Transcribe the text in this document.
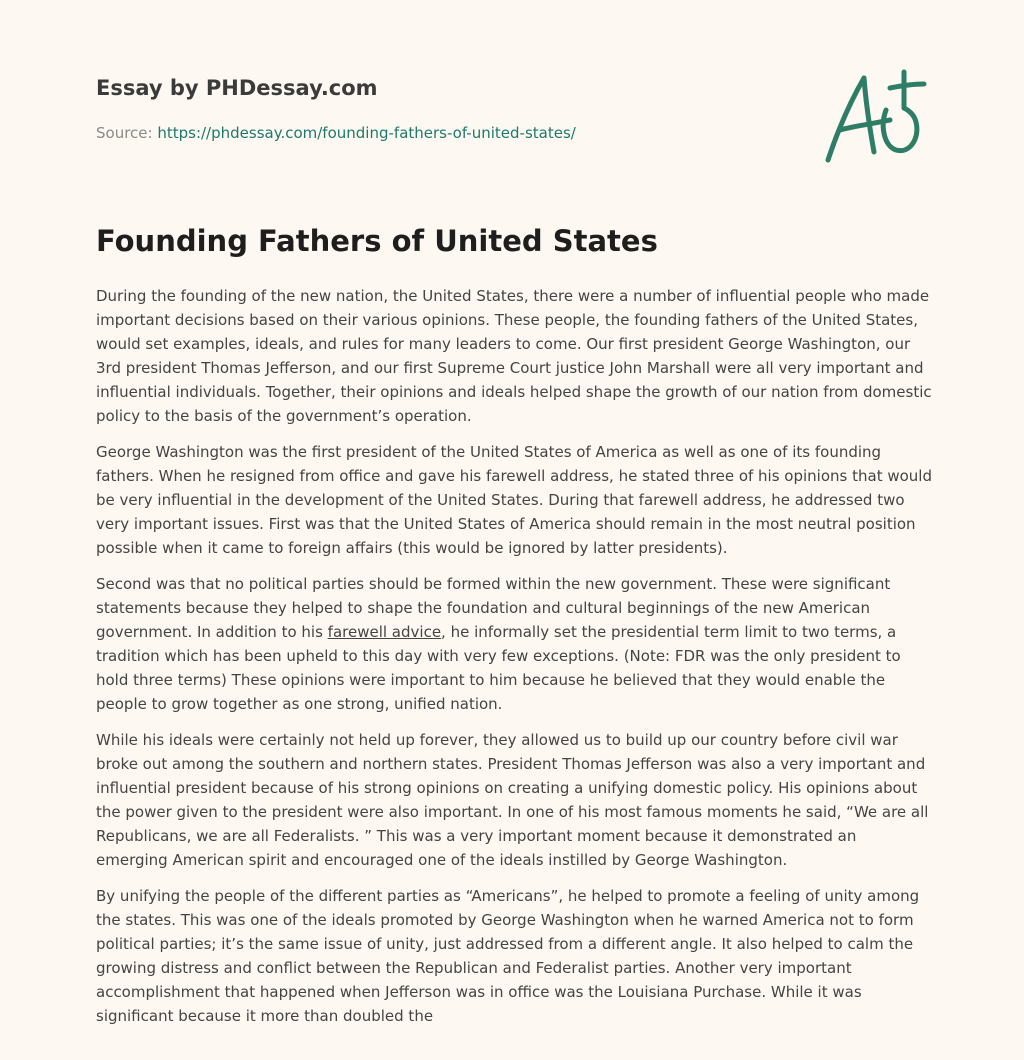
Essay by PHDessay.com
Source: https://phdessay.com/founding-fathers-of-united-states/
Founding Fathers of United States

During the founding of the new nation, the United States, there were a number of influential people who made important decisions based on their various opinions. These people, the founding fathers of the United States, would set examples, ideals, and rules for many leaders to come. Our first president George Washington, our 3rd president Thomas Jefferson, and our first Supreme Court justice John Marshall were all very important and influential individuals. Together, their opinions and ideals helped shape the growth of our nation from domestic policy to the basis of the government’s operation.

George Washington was the first president of the United States of America as well as one of its founding fathers. When he resigned from office and gave his farewell address, he stated three of his opinions that would be very influential in the development of the United States. During that farewell address, he addressed two very important issues. First was that the United States of America should remain in the most neutral position possible when it came to foreign affairs (this would be ignored by latter presidents).

Second was that no political parties should be formed within the new government. These were significant statements because they helped to shape the foundation and cultural beginnings of the new American government. In addition to his farewell advice, he informally set the presidential term limit to two terms, a tradition which has been upheld to this day with very few exceptions. (Note: FDR was the only president to hold three terms) These opinions were important to him because he believed that they would enable the people to grow together as one strong, unified nation.

While his ideals were certainly not held up forever, they allowed us to build up our country before civil war broke out among the southern and northern states. President Thomas Jefferson was also a very important and influential president because of his strong opinions on creating a unifying domestic policy. His opinions about the power given to the president were also important. In one of his most famous moments he said, “We are all Republicans, we are all Federalists. ” This was a very important moment because it demonstrated an emerging American spirit and encouraged one of the ideals instilled by George Washington.

By unifying the people of the different parties as “Americans”, he helped to promote a feeling of unity among the states. This was one of the ideals promoted by George Washington when he warned America not to form political parties; it’s the same issue of unity, just addressed from a different angle. It also helped to calm the growing distress and conflict between the Republican and Federalist parties. Another very important accomplishment that happened when Jefferson was in office was the Louisiana Purchase. While it was significant because it more than doubled the
